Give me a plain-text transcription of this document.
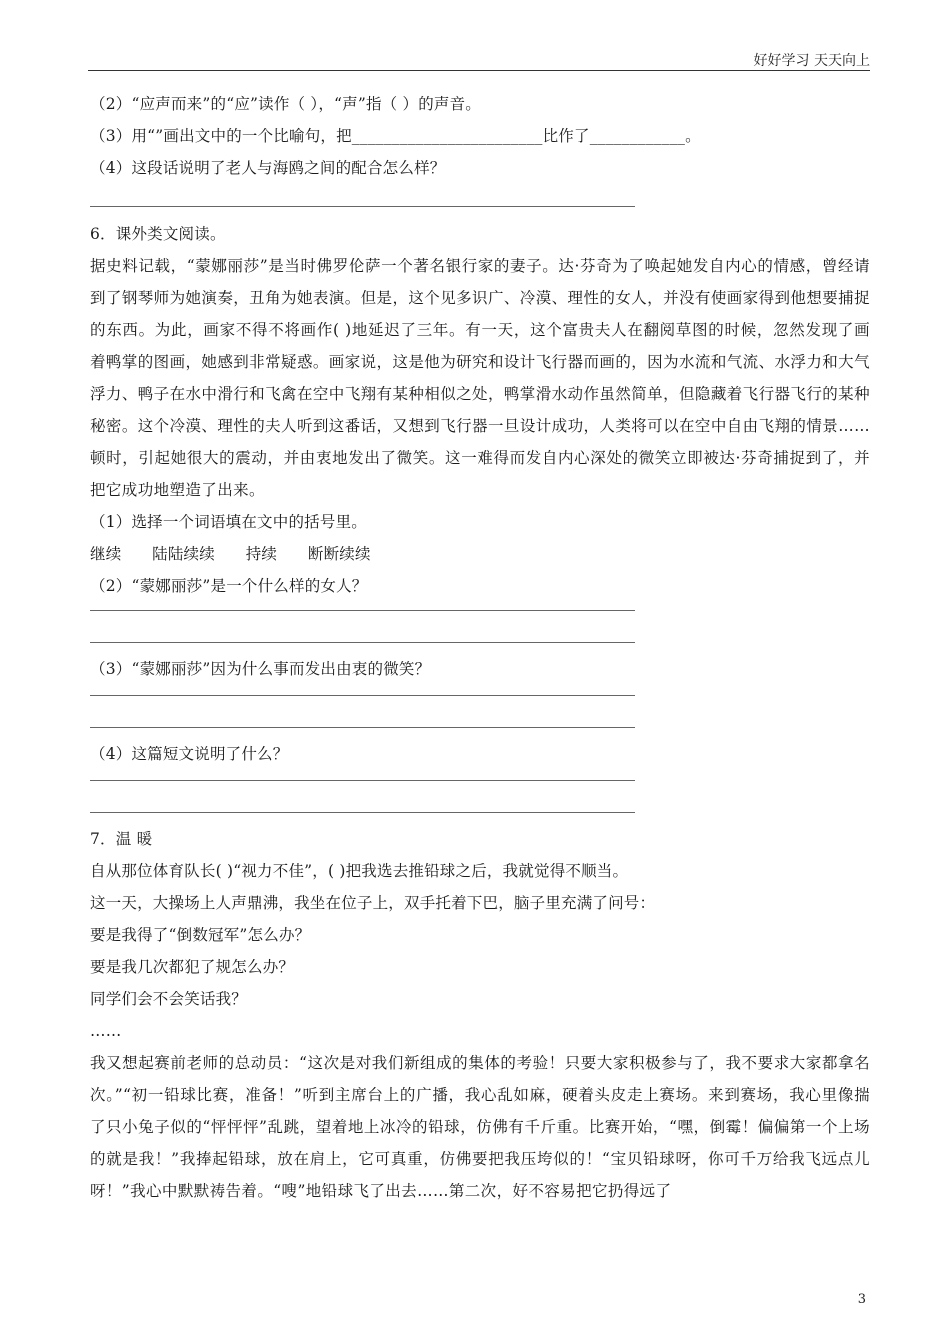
好好学习 天天向上
（2）“应声而来”的“应”读作（ ），“声”指（ ）的声音。
（3）用“”画出文中的一个比喻句，把________________________比作了____________。
（4）这段话说明了老人与海鸥之间的配合怎么样？
6．课外类文阅读。
据史料记载，“蒙娜丽莎”是当时佛罗伦萨一个著名银行家的妻子。达·芬奇为了唤起她发自内心的情感，曾经请到了钢琴师为她演奏，丑角为她表演。但是，这个见多识广、冷漠、理性的女人，并没有使画家得到他想要捕捉的东西。为此，画家不得不将画作( )地延迟了三年。有一天，这个富贵夫人在翻阅草图的时候，忽然发现了画着鸭掌的图画，她感到非常疑惑。画家说，这是他为研究和设计飞行器而画的，因为水流和气流、水浮力和大气浮力、鸭子在水中滑行和飞禽在空中飞翔有某种相似之处，鸭掌滑水动作虽然简单，但隐藏着飞行器飞行的某种秘密。这个冷漠、理性的夫人听到这番话，又想到飞行器一旦设计成功，人类将可以在空中自由飞翔的情景……顿时，引起她很大的震动，并由衷地发出了微笑。这一难得而发自内心深处的微笑立即被达·芬奇捕捉到了，并把它成功地塑造了出来。
（1）选择一个词语填在文中的括号里。
继续      陆陆续续      持续      断断续续
（2）“蒙娜丽莎”是一个什么样的女人？
（3）“蒙娜丽莎”因为什么事而发出由衷的微笑？
（4）这篇短文说明了什么？
7．温 暖
自从那位体育队长( )“视力不佳”，( )把我选去推铅球之后，我就觉得不顺当。
这一天，大操场上人声鼎沸，我坐在位子上，双手托着下巴，脑子里充满了问号：
要是我得了“倒数冠军”怎么办？
要是我几次都犯了规怎么办？
同学们会不会笑话我？
……
我又想起赛前老师的总动员：“这次是对我们新组成的集体的考验！只要大家积极参与了，我不要求大家都拿名次。”“初一铅球比赛，准备！”听到主席台上的广播，我心乱如麻，硬着头皮走上赛场。来到赛场，我心里像揣了只小兔子似的“怦怦怦”乱跳，望着地上冰冷的铅球，仿佛有千斤重。比赛开始，“嘿，倒霉！偏偏第一个上场的就是我！”我捧起铅球，放在肩上，它可真重，仿佛要把我压垮似的！“宝贝铅球呀，你可千万给我飞远点儿呀！”我心中默默祷告着。“嗖”地铅球飞了出去……第二次，好不容易把它扔得远了
3
